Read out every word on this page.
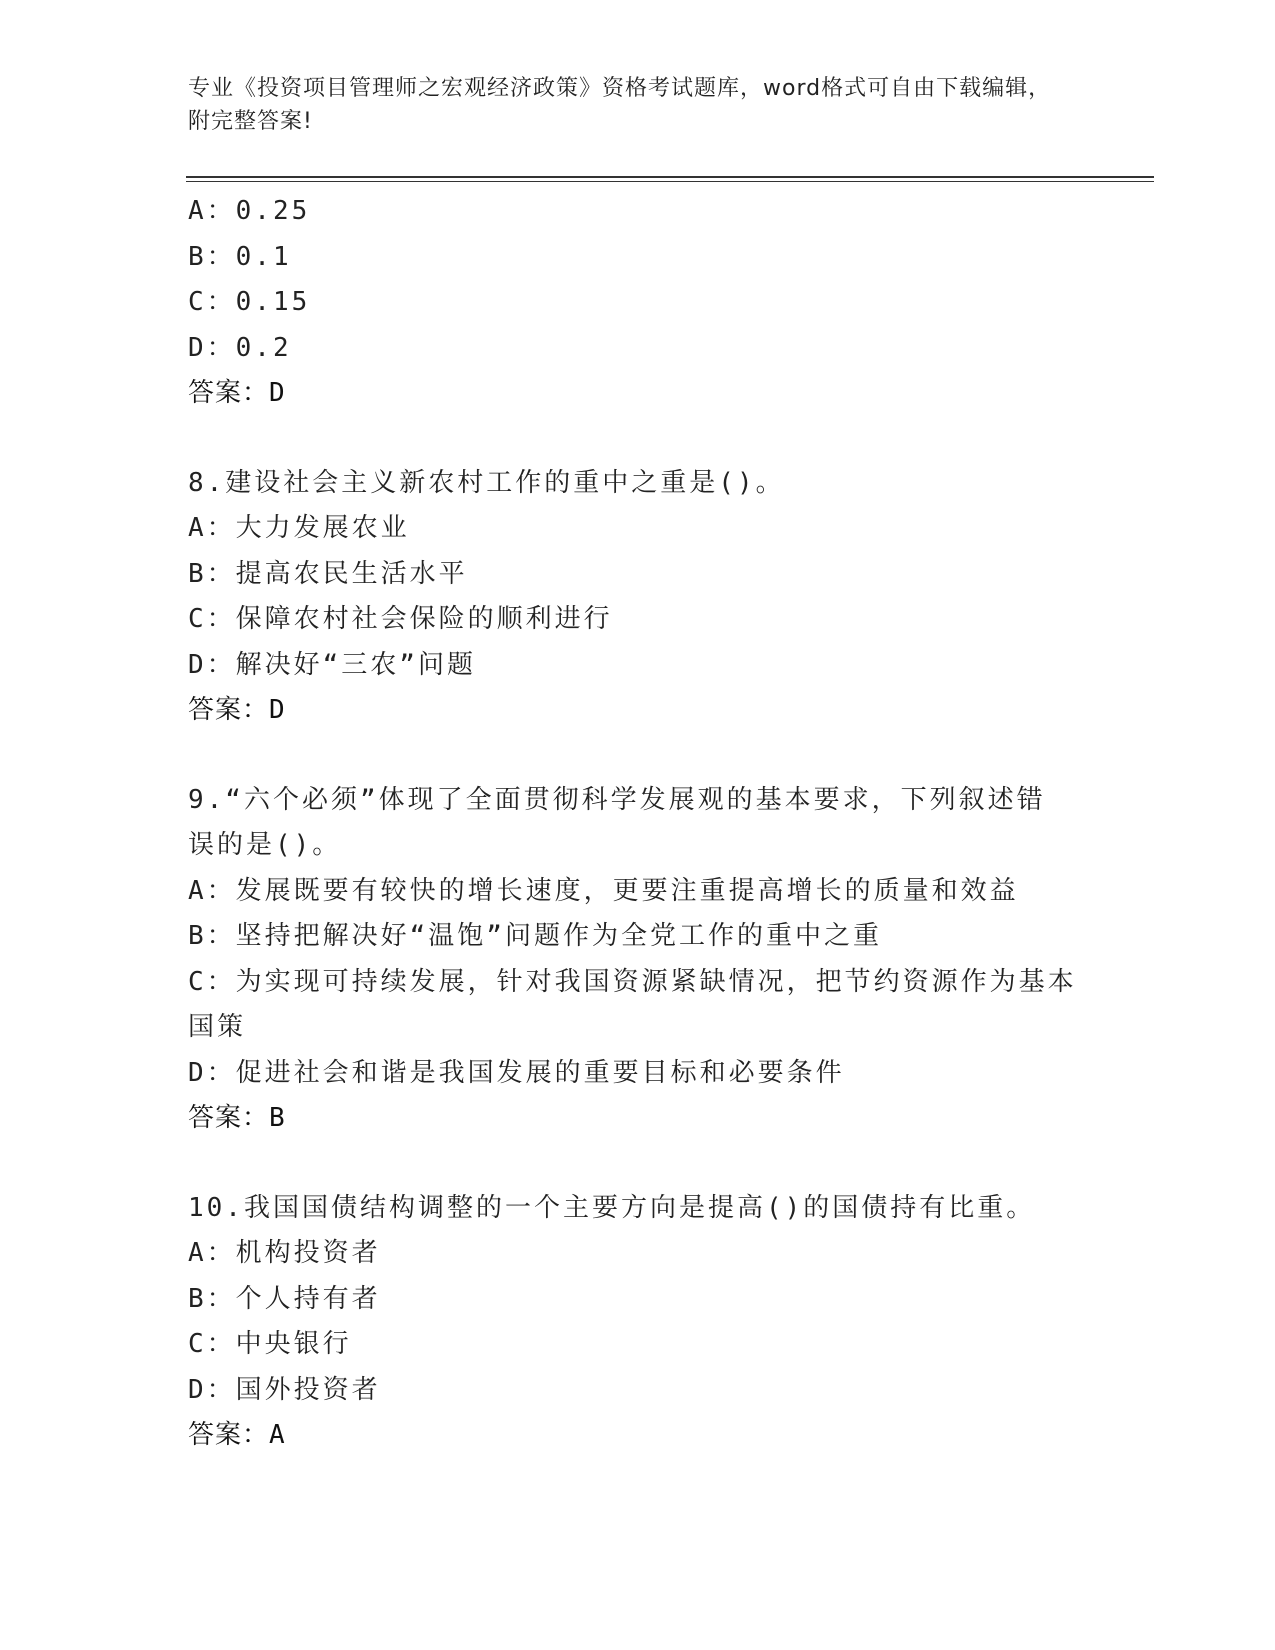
专业《投资项目管理师之宏观经济政策》资格考试题库，word格式可自由下载编辑，附完整答案!
A：0.25
B：0.1
C：0.15
D：0.2
答案：D
8.建设社会主义新农村工作的重中之重是()。
A：大力发展农业
B：提高农民生活水平
C：保障农村社会保险的顺利进行
D：解决好“三农”问题
答案：D
9.“六个必须”体现了全面贯彻科学发展观的基本要求，下列叙述错
误的是()。
A：发展既要有较快的增长速度，更要注重提高增长的质量和效益
B：坚持把解决好“温饱”问题作为全党工作的重中之重
C：为实现可持续发展，针对我国资源紧缺情况，把节约资源作为基本
国策
D：促进社会和谐是我国发展的重要目标和必要条件
答案：B
10.我国国债结构调整的一个主要方向是提高()的国债持有比重。
A：机构投资者
B：个人持有者
C：中央银行
D：国外投资者
答案：A
